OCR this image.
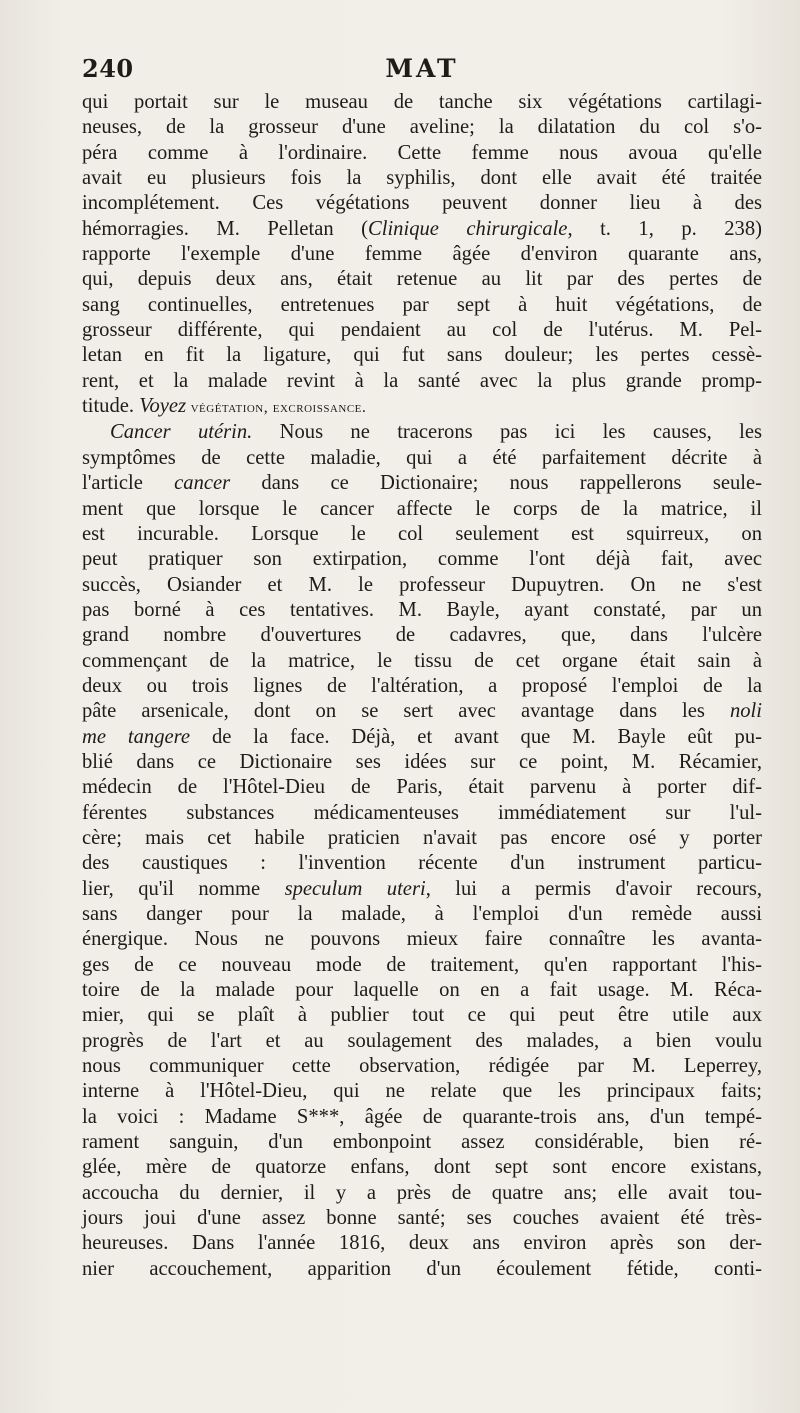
240	MAT
qui portait sur le museau de tanche six végétations cartilagi-
neuses, de la grosseur d'une aveline; la dilatation du col s'o-
péra comme à l'ordinaire. Cette femme nous avoua qu'elle
avait eu plusieurs fois la syphilis, dont elle avait été traitée
incomplétement. Ces végétations peuvent donner lieu à des
hémorragies. M. Pelletan (Clinique chirurgicale, t. 1, p. 238)
rapporte l'exemple d'une femme âgée d'environ quarante ans,
qui, depuis deux ans, était retenue au lit par des pertes de
sang continuelles, entretenues par sept à huit végétations, de
grosseur différente, qui pendaient au col de l'utérus. M. Pel-
letan en fit la ligature, qui fut sans douleur; les pertes cessè-
rent, et la malade revint à la santé avec la plus grande promp-
titude. Voyez végétation, excroissance.
Cancer utérin. Nous ne tracerons pas ici les causes, les
symptômes de cette maladie, qui a été parfaitement décrite à
l'article cancer dans ce Dictionaire; nous rappellerons seule-
ment que lorsque le cancer affecte le corps de la matrice, il
est incurable. Lorsque le col seulement est squirreux, on
peut pratiquer son extirpation, comme l'ont déjà fait, avec
succès, Osiander et M. le professeur Dupuytren. On ne s'est
pas borné à ces tentatives. M. Bayle, ayant constaté, par un
grand nombre d'ouvertures de cadavres, que, dans l'ulcère
commençant de la matrice, le tissu de cet organe était sain à
deux ou trois lignes de l'altération, a proposé l'emploi de la
pâte arsenicale, dont on se sert avec avantage dans les noli
me tangere de la face. Déjà, et avant que M. Bayle eût pu-
blié dans ce Dictionaire ses idées sur ce point, M. Récamier,
médecin de l'Hôtel-Dieu de Paris, était parvenu à porter dif-
férentes substances médicamenteuses immédiatement sur l'ul-
cère; mais cet habile praticien n'avait pas encore osé y porter
des caustiques : l'invention récente d'un instrument particu-
lier, qu'il nomme speculum uteri, lui a permis d'avoir recours,
sans danger pour la malade, à l'emploi d'un remède aussi
énergique. Nous ne pouvons mieux faire connaître les avanta-
ges de ce nouveau mode de traitement, qu'en rapportant l'his-
toire de la malade pour laquelle on en a fait usage. M. Réca-
mier, qui se plaît à publier tout ce qui peut être utile aux
progrès de l'art et au soulagement des malades, a bien voulu
nous communiquer cette observation, rédigée par M. Leperrey,
interne à l'Hôtel-Dieu, qui ne relate que les principaux faits;
la voici : Madame S***, âgée de quarante-trois ans, d'un tempé-
rament sanguin, d'un embonpoint assez considérable, bien ré-
glée, mère de quatorze enfans, dont sept sont encore existans,
accoucha du dernier, il y a près de quatre ans; elle avait tou-
jours joui d'une assez bonne santé; ses couches avaient été très-
heureuses. Dans l'année 1816, deux ans environ après son der-
nier accouchement, apparition d'un écoulement fétide, conti-
